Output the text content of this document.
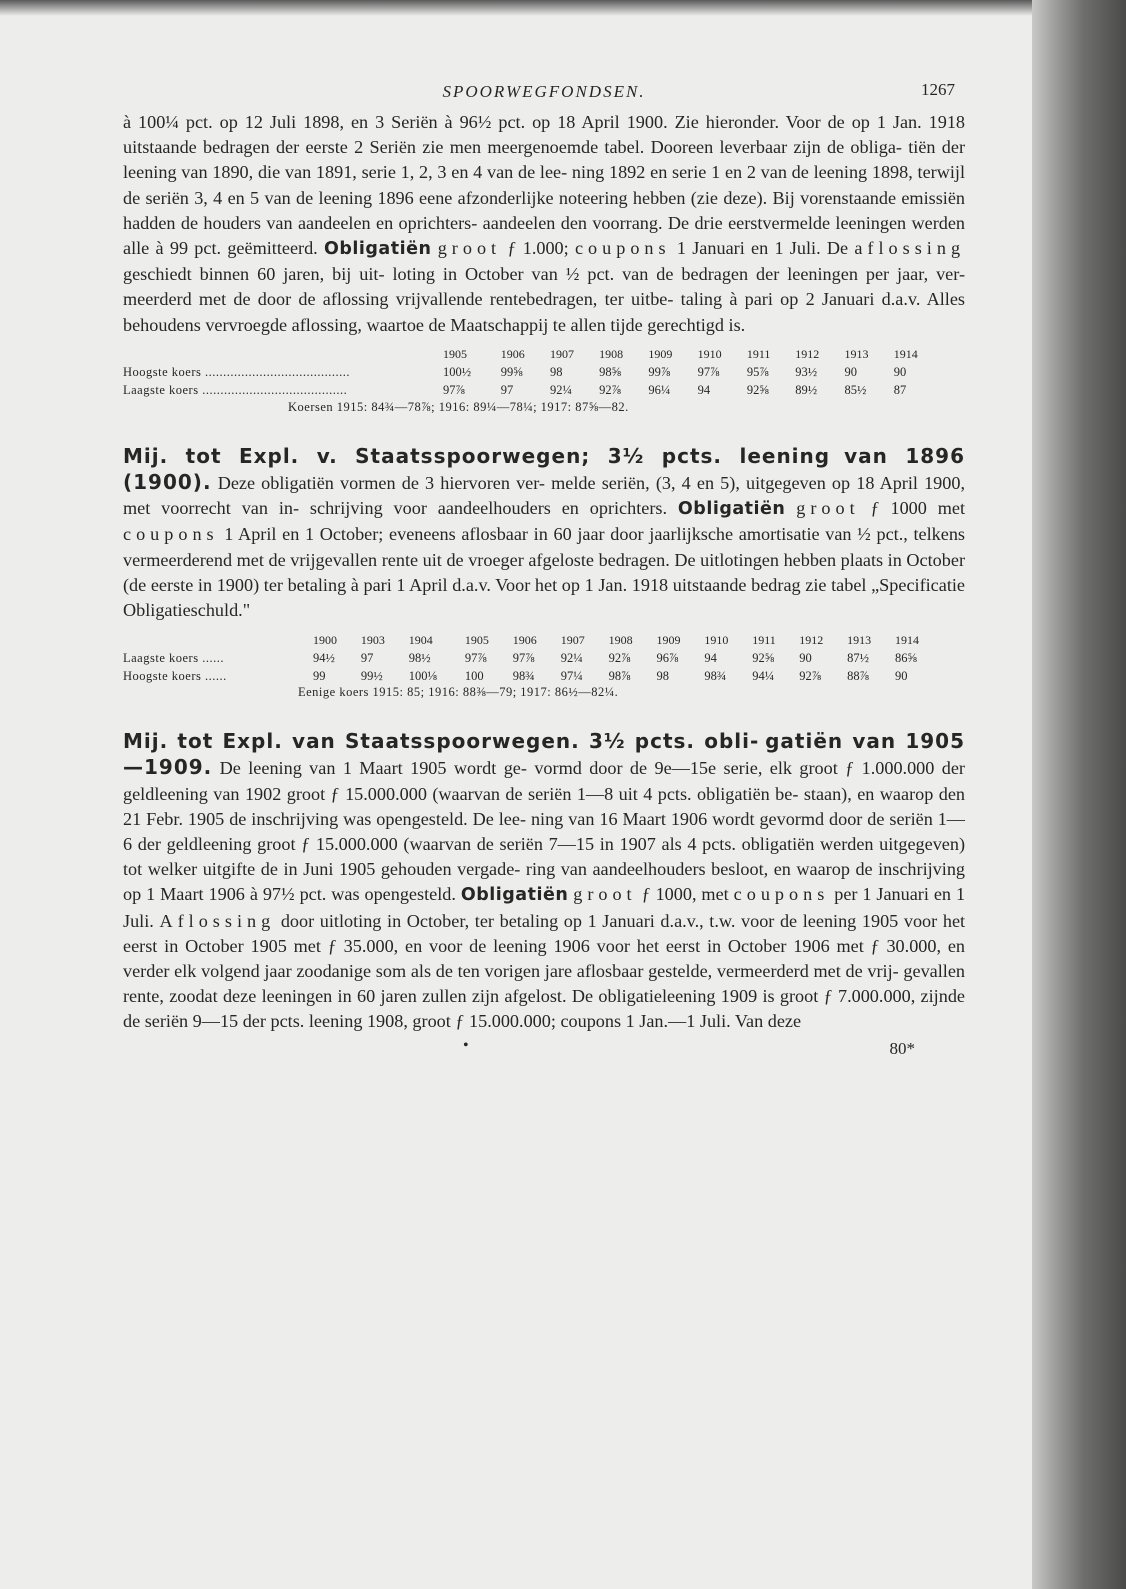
SPOORWEGFONDSEN.	1267

à 100¼ pct. op 12 Juli 1898, en 3 Seriën à 96½ pct. op 18 April 1900. Zie hieronder. Voor de op 1 Jan. 1918 uitstaande bedragen der eerste 2 Seriën zie men meergenoemde tabel. Dooreen leverbaar zijn de obliga- tiën der leening van 1890, die van 1891, serie 1, 2, 3 en 4 van de lee- ning 1892 en serie 1 en 2 van de leening 1898, terwijl de seriën 3, 4 en 5 van de leening 1896 eene afzonderlijke noteering hebben (zie deze). Bij vorenstaande emissiën hadden de houders van aandeelen en oprichters- aandeelen den voorrang. De drie eerstvermelde leeningen werden alle à 99 pct. geëmitteerd. Obligatiën groot ƒ 1.000; coupons 1 Januari en 1 Juli. De aflossing geschiedt binnen 60 jaren, bij uit- loting in October van ½ pct. van de bedragen der leeningen per jaar, ver- meerderd met de door de aflossing vrijvallende rentebedragen, ter uitbe- taling à pari op 2 Januari d.a.v. Alles behoudens vervroegde aflossing, waartoe de Maatschappij te allen tijde gerechtigd is.

	1905	1906	1907	1908	1909	1910	1911	1912	1913	1914
Hoogste koers ........................................	100½	99⅝	98	98⅝	99⅞	97⅞	95⅞	93½	90	90
Laagste koers ........................................	97⅞	97	92¼	92⅞	96¼	94	92⅝	89½	85½	87
Koersen 1915: 84¾—78⅞; 1916: 89¼—78¼; 1917: 87⅝—82.

Mij. tot Expl. v. Staatsspoorwegen; 3½ pcts. leening van 1896 (1900). Deze obligatiën vormen de 3 hiervoren ver- melde seriën, (3, 4 en 5), uitgegeven op 18 April 1900, met voorrecht van in- schrijving voor aandeelhouders en oprichters. Obligatiën groot ƒ 1000 met coupons 1 April en 1 October; eveneens aflosbaar in 60 jaar door jaarlijksche amortisatie van ½ pct., telkens vermeerderend met de vrijgevallen rente uit de vroeger afgeloste bedragen. De uitlotingen hebben plaats in October (de eerste in 1900) ter betaling à pari 1 April d.a.v. Voor het op 1 Jan. 1918 uitstaande bedrag zie tabel „Specificatie Obligatieschuld."

	1900	1903	1904	1905	1906	1907	1908	1909	1910	1911	1912	1913	1914
Laagste koers ......	94½	97	98½	97⅞	97⅞	92¼	92⅞	96⅞	94	92⅝	90	87½	86⅝
Hoogste koers ......	99	99½	100⅛	100	98¾	97¼	98⅞	98	98¾	94¼	92⅞	88⅞	90
Eenige koers 1915: 85; 1916: 88⅜—79; 1917: 86½—82¼.

Mij. tot Expl. van Staatsspoorwegen. 3½ pcts. obli- gatiën van 1905—1909. De leening van 1 Maart 1905 wordt ge- vormd door de 9e—15e serie, elk groot ƒ 1.000.000 der geldleening van 1902 groot ƒ 15.000.000 (waarvan de seriën 1—8 uit 4 pcts. obligatiën be- staan), en waarop den 21 Febr. 1905 de inschrijving was opengesteld. De lee- ning van 16 Maart 1906 wordt gevormd door de seriën 1—6 der geldleening groot ƒ 15.000.000 (waarvan de seriën 7—15 in 1907 als 4 pcts. obligatiën werden uitgegeven) tot welker uitgifte de in Juni 1905 gehouden vergade- ring van aandeelhouders besloot, en waarop de inschrijving op 1 Maart 1906 à 97½ pct. was opengesteld. Obligatiën groot ƒ 1000, met coupons per 1 Januari en 1 Juli. Aflossing door uitloting in October, ter betaling op 1 Januari d.a.v., t.w. voor de leening 1905 voor het eerst in October 1905 met ƒ 35.000, en voor de leening 1906 voor het eerst in October 1906 met ƒ 30.000, en verder elk volgend jaar zoodanige som als de ten vorigen jare aflosbaar gestelde, vermeerderd met de vrij- gevallen rente, zoodat deze leeningen in 60 jaren zullen zijn afgelost. De obligatieleening 1909 is groot ƒ 7.000.000, zijnde de seriën 9—15 der pcts. leening 1908, groot ƒ 15.000.000; coupons 1 Jan.—1 Juli. Van deze

•	80*
